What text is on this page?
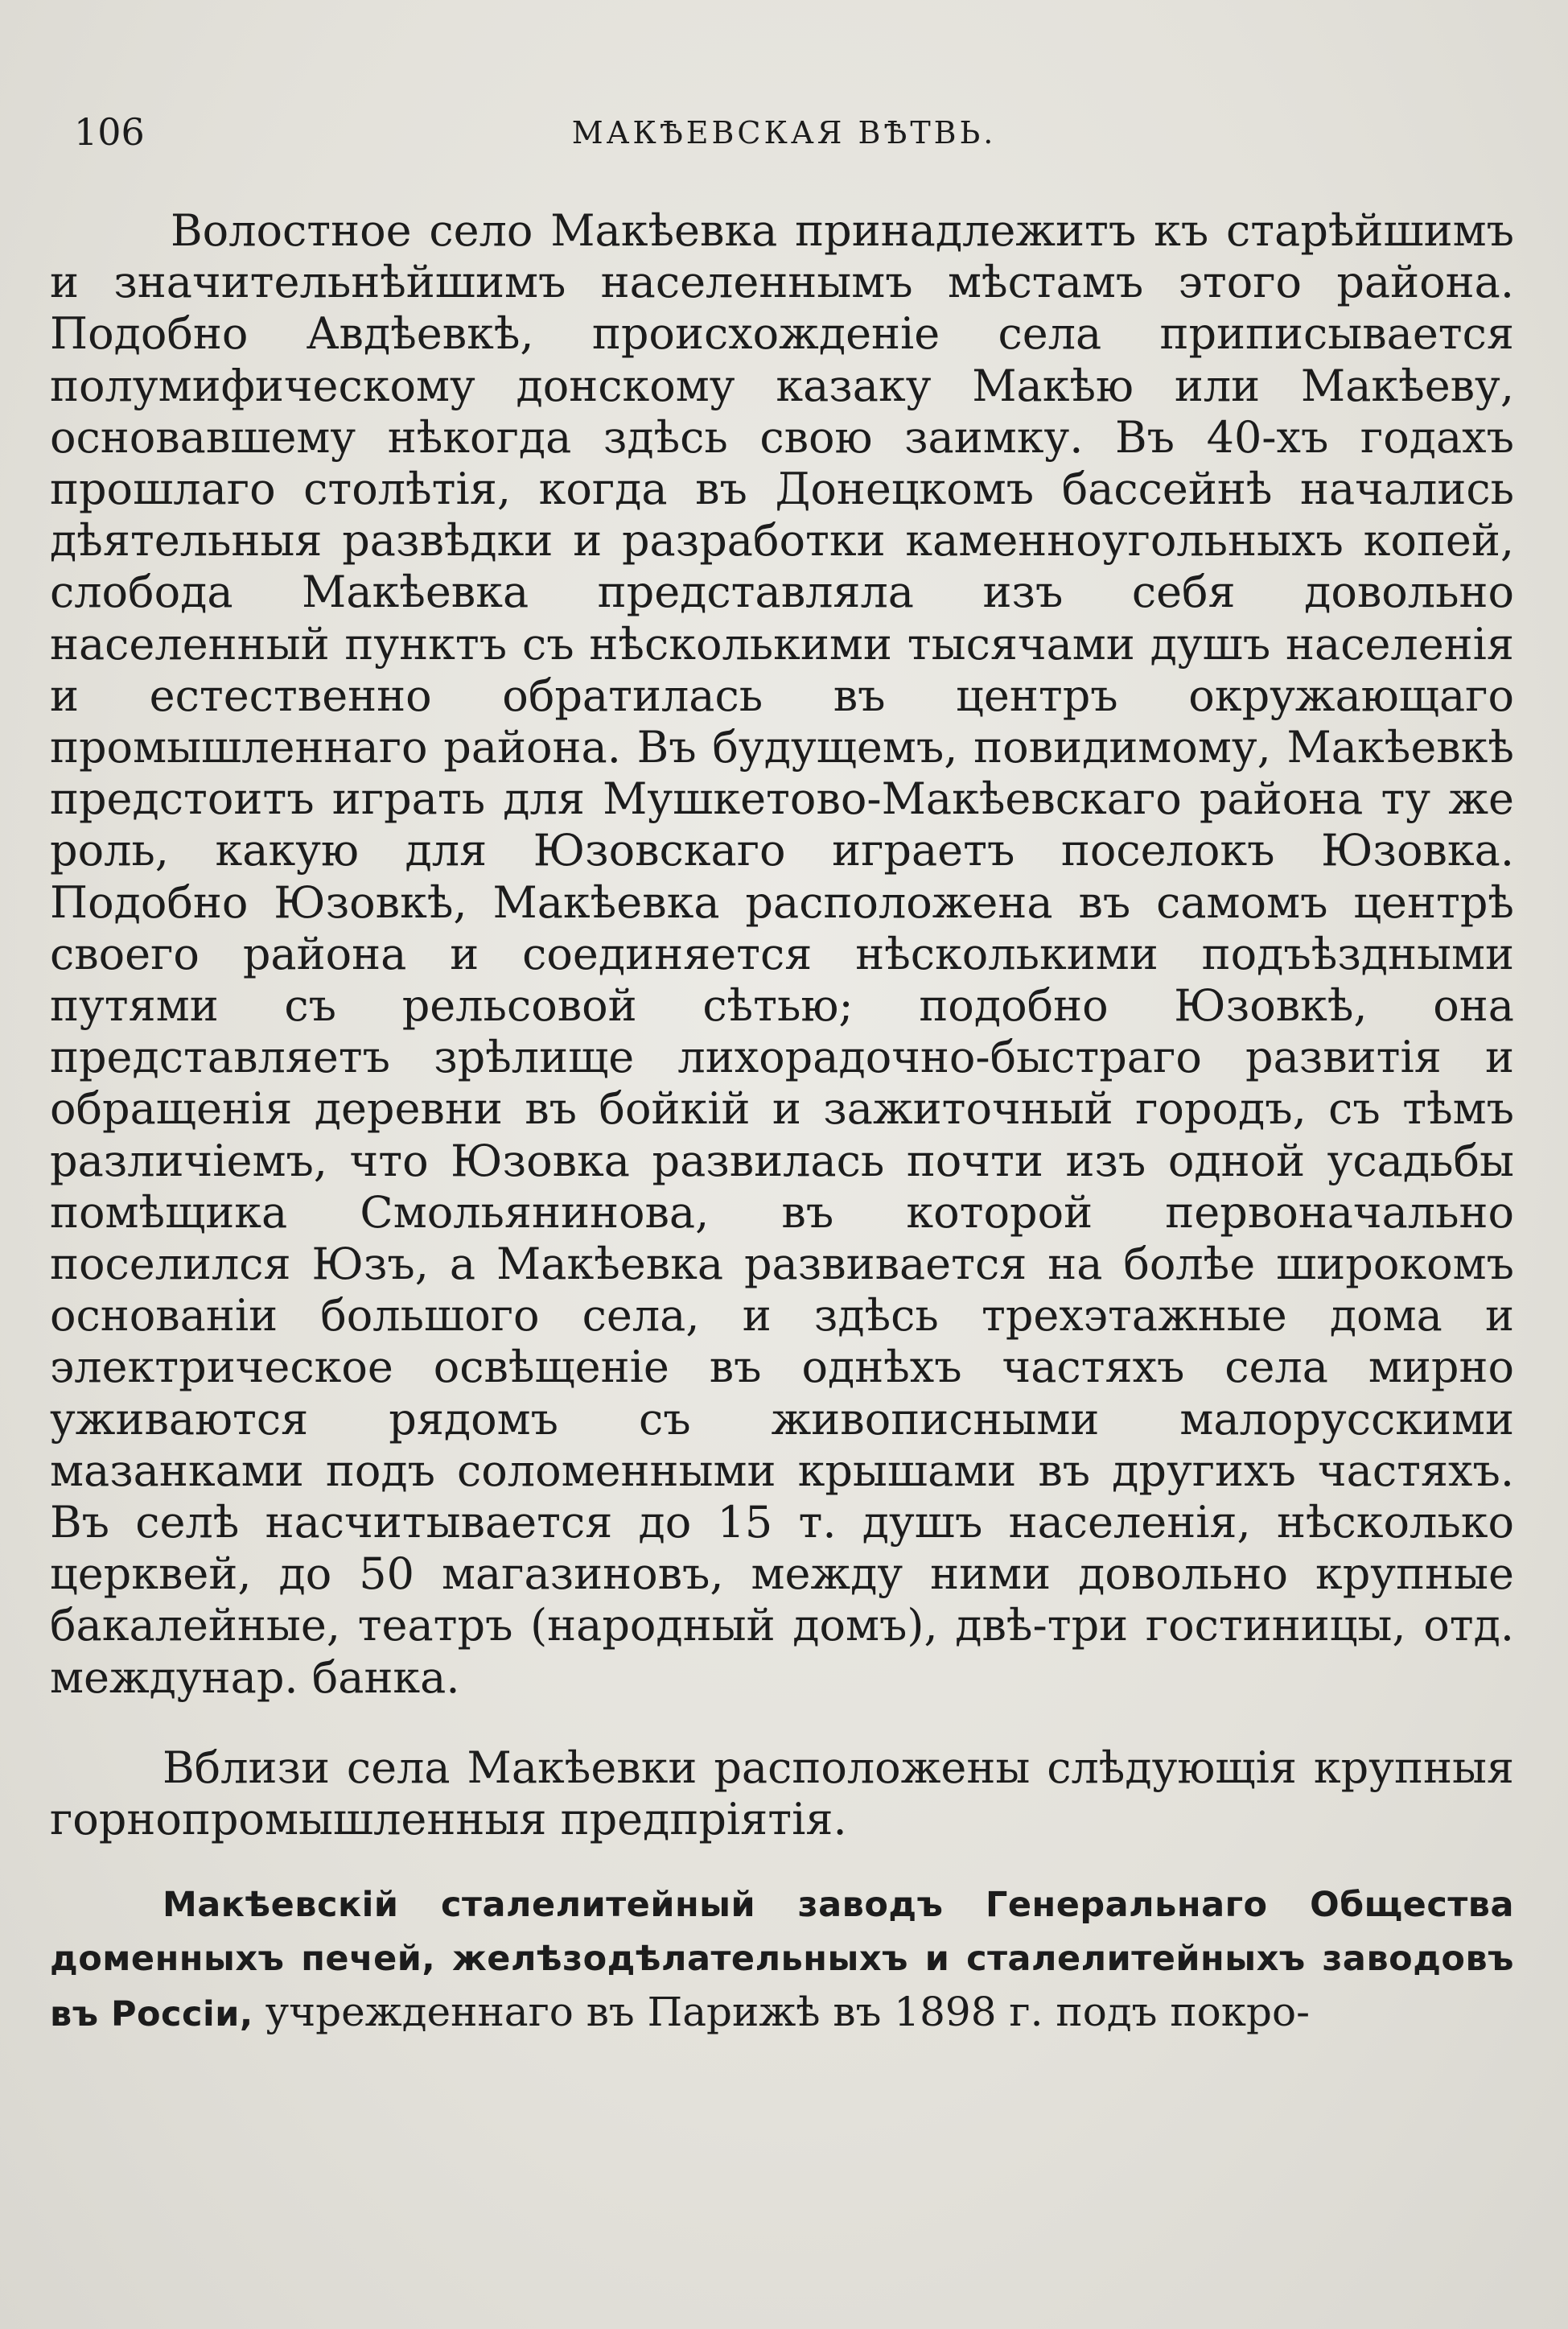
106	МАКѢЕВСКАЯ ВѢТВЬ.

Волостное село Макѣевка принадлежитъ къ старѣйшимъ и значительнѣйшимъ населеннымъ мѣстамъ этого района. Подобно Авдѣевкѣ, происхожденіе села приписывается полумифическому донскому казаку Макѣю или Макѣеву, основавшему нѣкогда здѣсь свою заимку. Въ 40-хъ годахъ прошлаго столѣтія, когда въ Донецкомъ бассейнѣ начались дѣятельныя развѣдки и разработки каменноугольныхъ копей, слобода Макѣевка представляла изъ себя довольно населенный пунктъ съ нѣсколькими тысячами душъ населенія и естественно обратилась въ центръ окружающаго промышленнаго района. Въ будущемъ, повидимому, Макѣевкѣ предстоитъ играть для Мушкетово-Макѣевскаго района ту же роль, какую для Юзовскаго играетъ поселокъ Юзовка. Подобно Юзовкѣ, Макѣевка расположена въ самомъ центрѣ своего района и соединяется нѣсколькими подъѣздными путями съ рельсовой сѣтью; подобно Юзовкѣ, она представляетъ зрѣлище лихорадочно-быстраго развитія и обращенія деревни въ бойкій и зажиточный городъ, съ тѣмъ различіемъ, что Юзовка развилась почти изъ одной усадьбы помѣщика Смольянинова, въ которой первоначально поселился Юзъ, а Макѣевка развивается на болѣе широкомъ основаніи большого села, и здѣсь трехэтажные дома и электрическое освѣщеніе въ однѣхъ частяхъ села мирно уживаются рядомъ съ живописными малорусскими мазанками подъ соломенными крышами въ другихъ частяхъ. Въ селѣ насчитывается до 15 т. душъ населенія, нѣсколько церквей, до 50 магазиновъ, между ними довольно крупные бакалейные, театръ (народный домъ), двѣ-три гостиницы, отд. междунар. банка.

Вблизи села Макѣевки расположены слѣдующія крупныя горнопромышленныя предпріятія.

Макѣевскій сталелитейный заводъ Генеральнаго Общества доменныхъ печей, желѣзодѣлательныхъ и сталелитейныхъ заводовъ въ Россіи, учрежденнаго въ Парижѣ въ 1898 г. подъ покро-
